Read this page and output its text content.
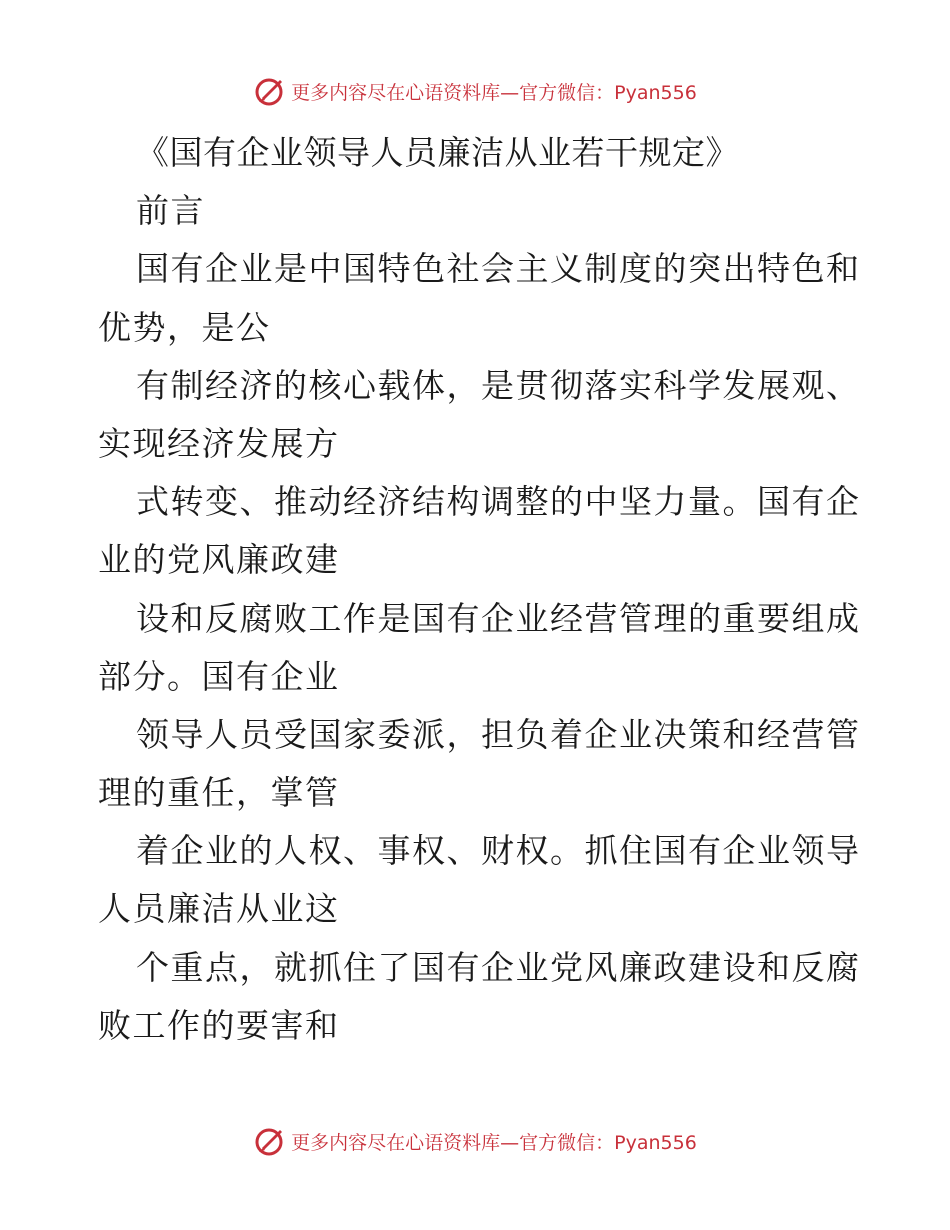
更多内容尽在心语资料库—官方微信：Pyan556
《国有企业领导人员廉洁从业若干规定》
前言
国有企业是中国特色社会主义制度的突出特色和
优势，是公
有制经济的核心载体，是贯彻落实科学发展观、
实现经济发展方
式转变、推动经济结构调整的中坚力量。国有企
业的党风廉政建
设和反腐败工作是国有企业经营管理的重要组成
部分。国有企业
领导人员受国家委派，担负着企业决策和经营管
理的重任，掌管
着企业的人权、事权、财权。抓住国有企业领导
人员廉洁从业这
个重点，就抓住了国有企业党风廉政建设和反腐
败工作的要害和
更多内容尽在心语资料库—官方微信：Pyan556
